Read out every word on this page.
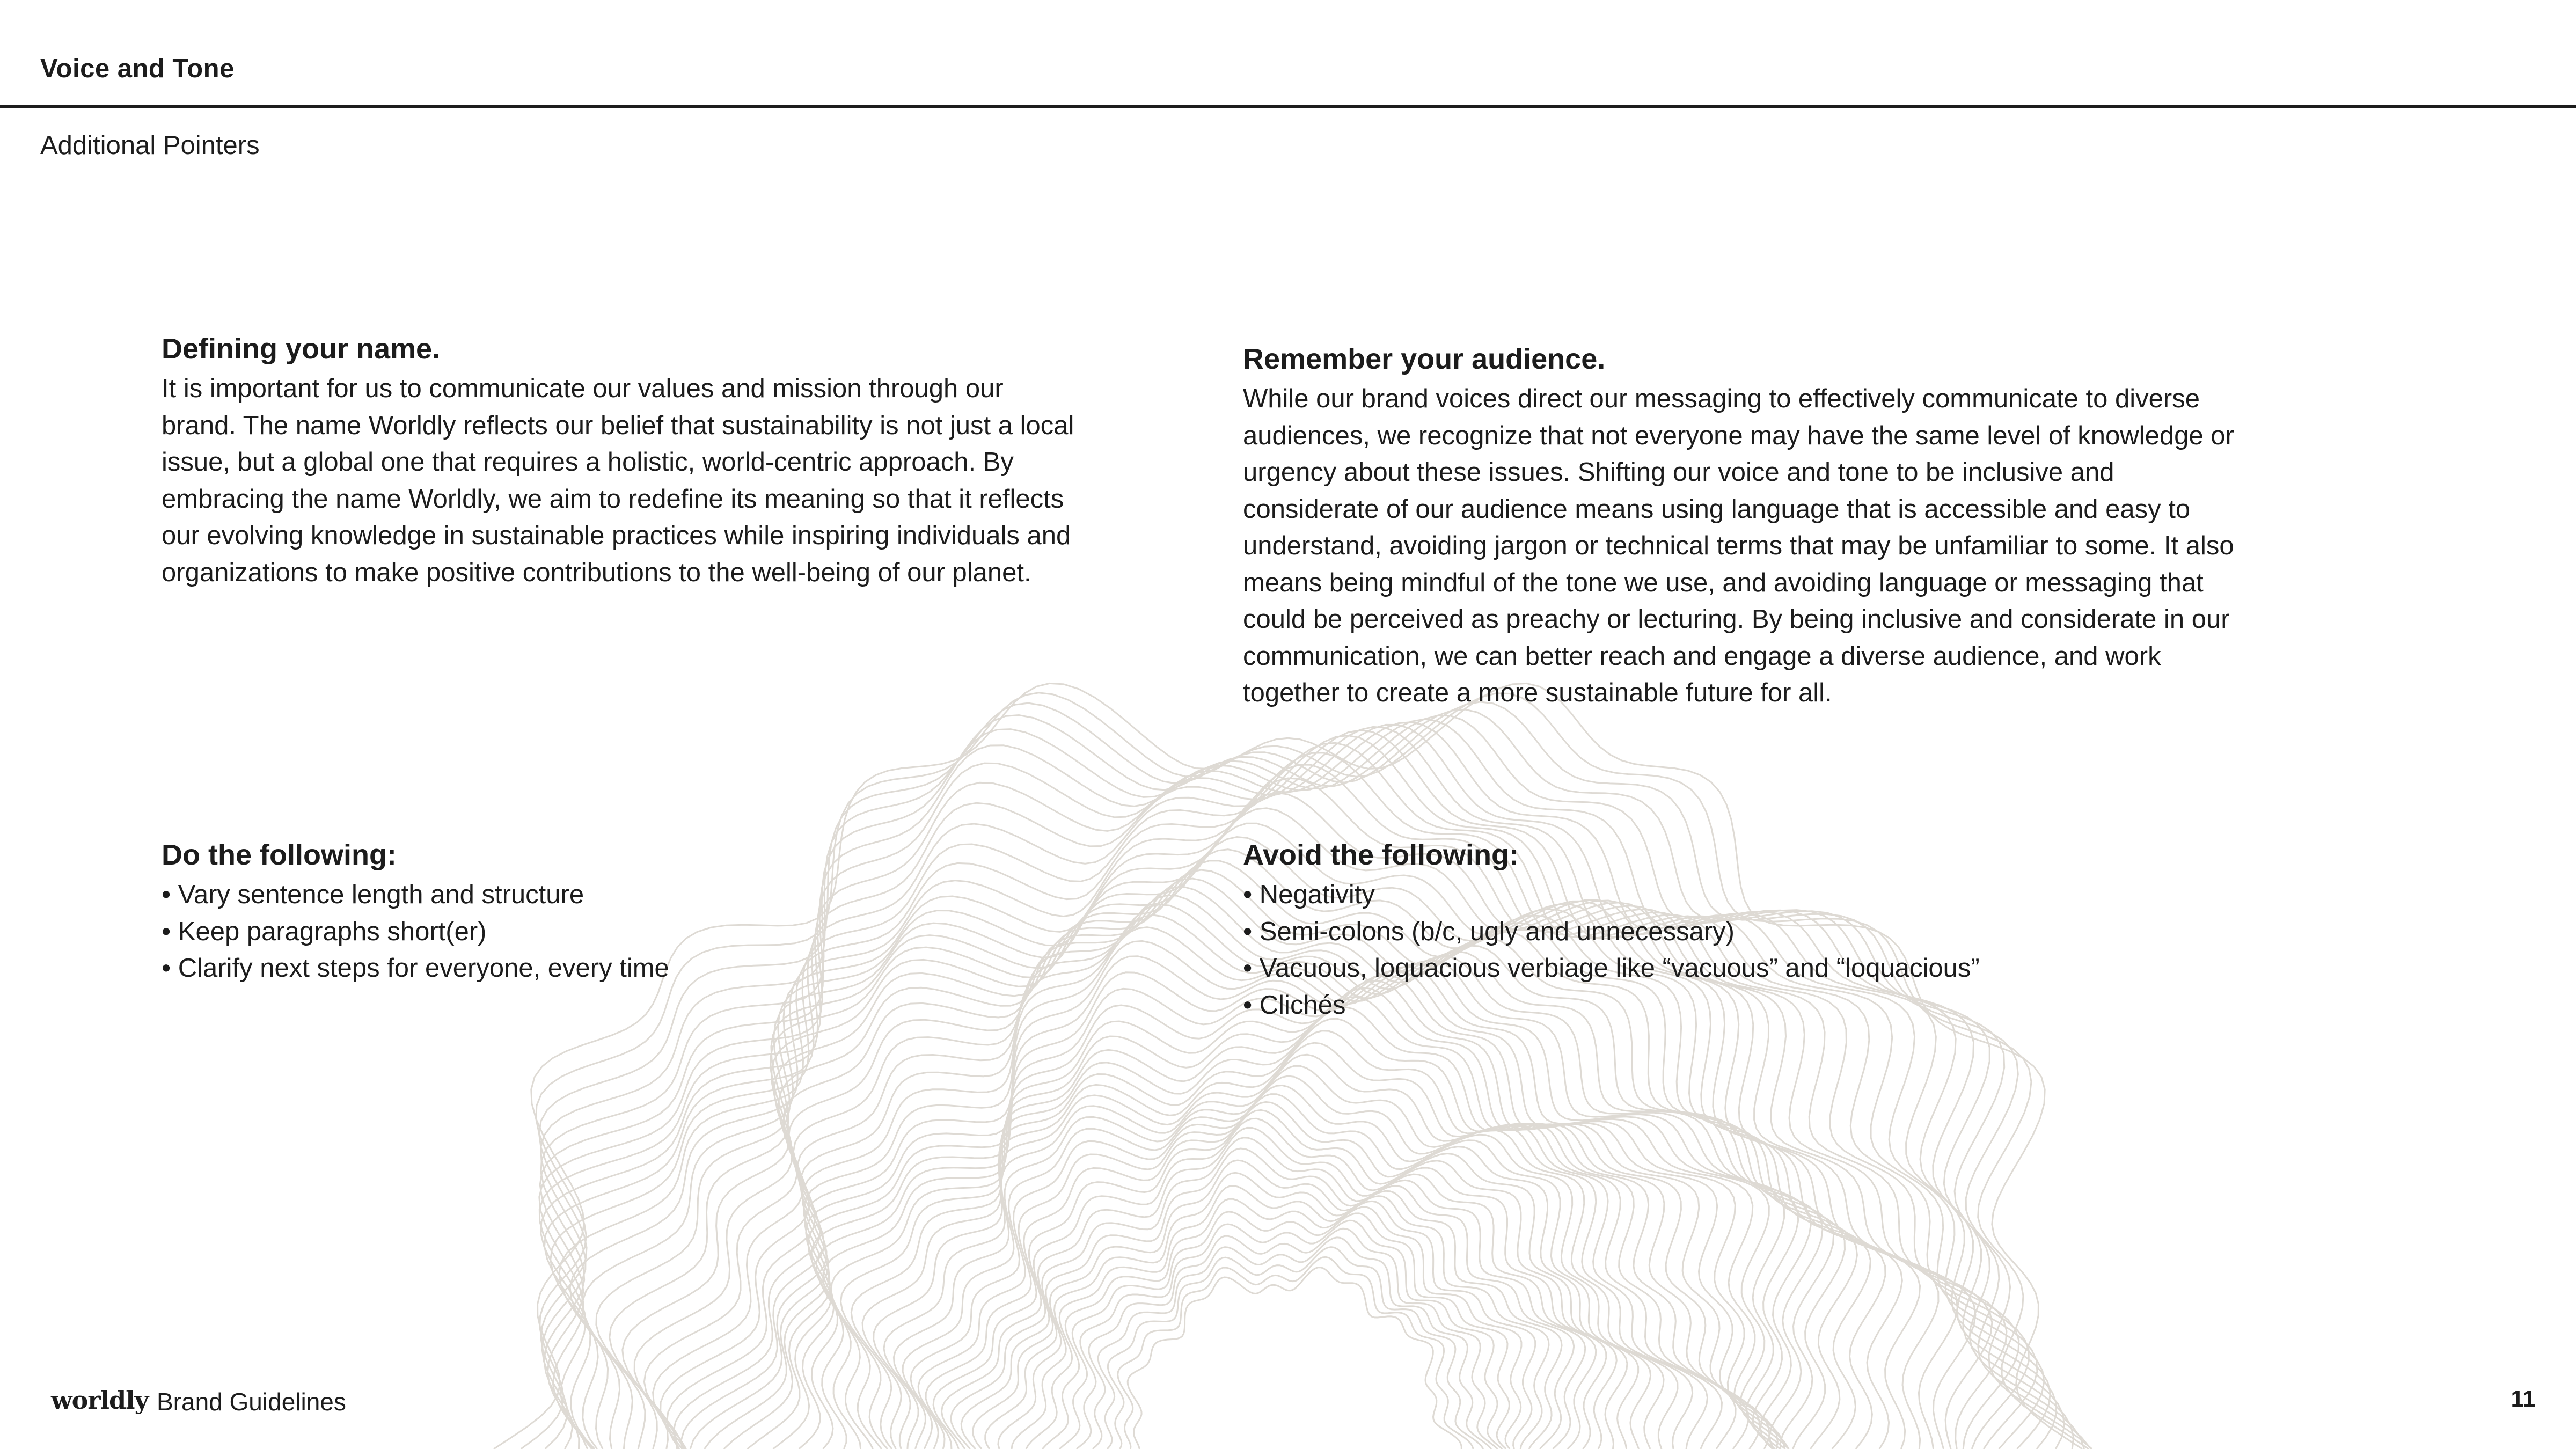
Voice and Tone
Additional Pointers
Defining your name.

It is important for us to communicate our values and mission through our brand. The name Worldly reflects our belief that sustainability is not just a local issue, but a global one that requires a holistic, world-centric approach. By embracing the name Worldly, we aim to redefine its meaning so that it reflects our evolving knowledge in sustainable practices while inspiring individuals and organizations to make positive contributions to the well-being of our planet.

Remember your audience.

While our brand voices direct our messaging to effectively communicate to diverse audiences, we recognize that not everyone may have the same level of knowledge or urgency about these issues. Shifting our voice and tone to be inclusive and considerate of our audience means using language that is accessible and easy to understand, avoiding jargon or technical terms that may be unfamiliar to some. It also means being mindful of the tone we use, and avoiding language or messaging that could be perceived as preachy or lecturing. By being inclusive and considerate in our communication, we can better reach and engage a diverse audience, and work together to create a more sustainable future for all.

Do the following:
• Vary sentence length and structure
• Keep paragraphs short(er)
• Clarify next steps for everyone, every time
Avoid the following:
• Negativity
• Semi-colons (b/c, ugly and unnecessary)
• Vacuous, loquacious verbiage like “vacuous” and “loquacious”
• Clichés
worldly Brand Guidelines	11
